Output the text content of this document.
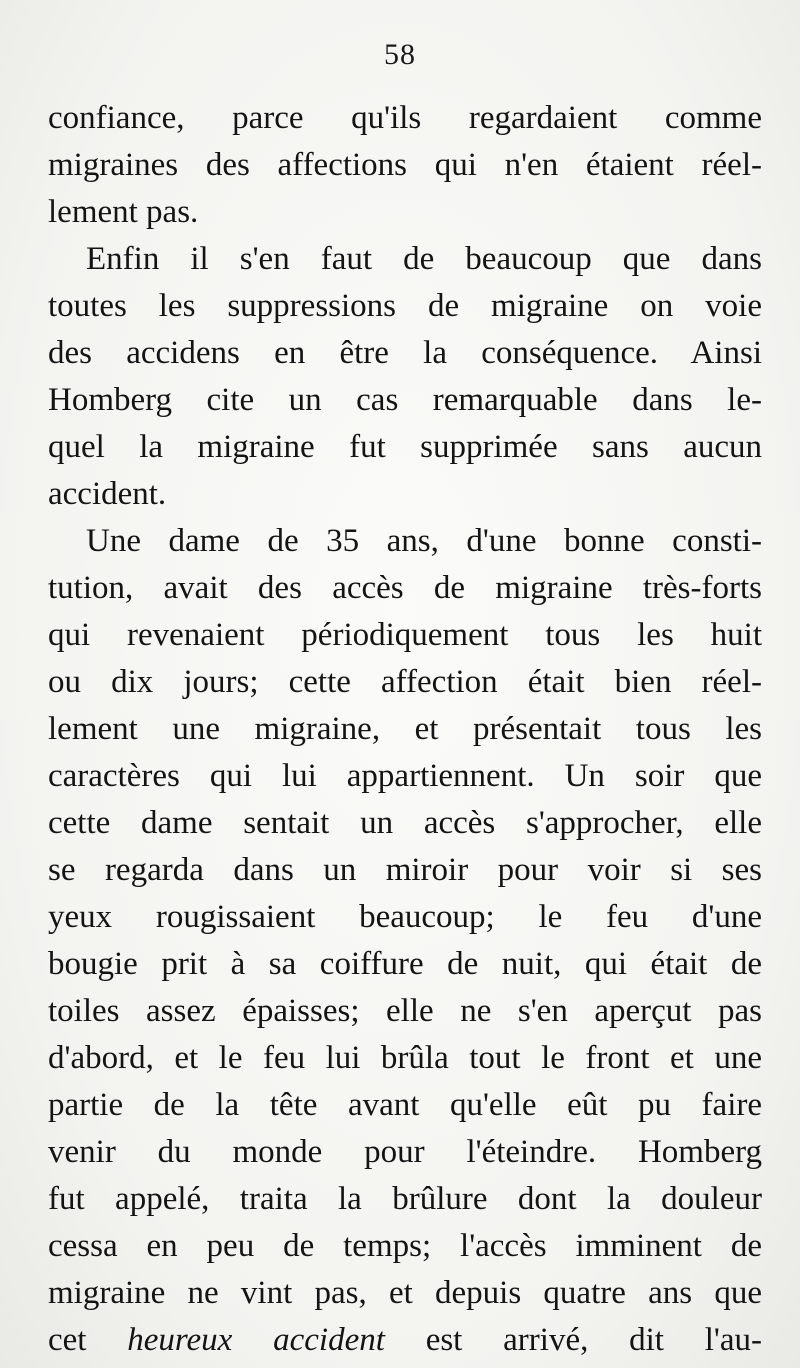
58
confiance, parce qu'ils regardaient comme
migraines des affections qui n'en étaient réel-
lement pas.
Enfin il s'en faut de beaucoup que dans
toutes les suppressions de migraine on voie
des accidens en être la conséquence. Ainsi
Homberg cite un cas remarquable dans le-
quel la migraine fut supprimée sans aucun
accident.
Une dame de 35 ans, d'une bonne consti-
tution, avait des accès de migraine très-forts
qui revenaient périodiquement tous les huit
ou dix jours; cette affection était bien réel-
lement une migraine, et présentait tous les
caractères qui lui appartiennent. Un soir que
cette dame sentait un accès s'approcher, elle
se regarda dans un miroir pour voir si ses
yeux rougissaient beaucoup; le feu d'une
bougie prit à sa coiffure de nuit, qui était de
toiles assez épaisses; elle ne s'en aperçut pas
d'abord, et le feu lui brûla tout le front et une
partie de la tête avant qu'elle eût pu faire
venir du monde pour l'éteindre. Homberg
fut appelé, traita la brûlure dont la douleur
cessa en peu de temps; l'accès imminent de
migraine ne vint pas, et depuis quatre ans que
cet heureux accident est arrivé, dit l'au-
